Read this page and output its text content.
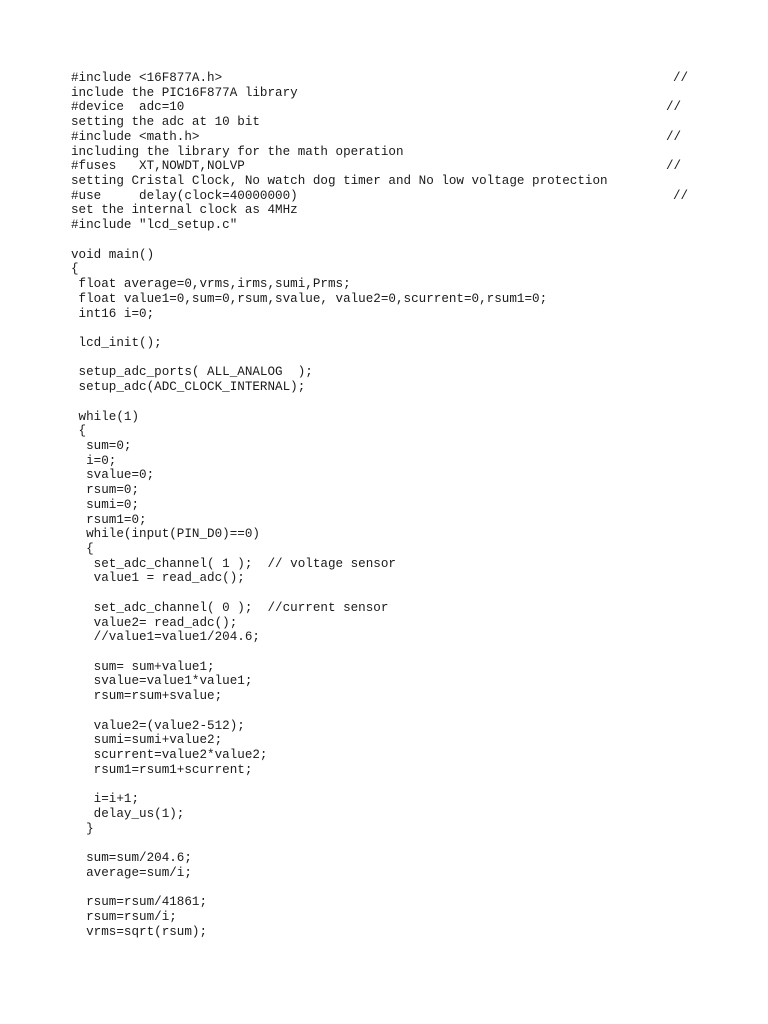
#include <16F877A.h>	//
include the PIC16F877A library
#device  adc=10	//
setting the adc at 10 bit
#include <math.h>	//
including the library for the math operation
#fuses   XT,NOWDT,NOLVP	//
setting Cristal Clock, No watch dog timer and No low voltage protection
#use     delay(clock=40000000)	//
set the internal clock as 4MHz
#include "lcd_setup.c"
void main()
{
float average=0,vrms,irms,sumi,Prms;
float value1=0,sum=0,rsum,svalue, value2=0,scurrent=0,rsum1=0;
int16 i=0;
lcd_init();
setup_adc_ports( ALL_ANALOG  );
setup_adc(ADC_CLOCK_INTERNAL);
while(1)
{
sum=0;
i=0;
svalue=0;
rsum=0;
sumi=0;
rsum1=0;
while(input(PIN_D0)==0)
{
set_adc_channel( 1 );  // voltage sensor
value1 = read_adc();
set_adc_channel( 0 );  //current sensor
value2= read_adc();
//value1=value1/204.6;
sum= sum+value1;
svalue=value1*value1;
rsum=rsum+svalue;
value2=(value2-512);
sumi=sumi+value2;
scurrent=value2*value2;
rsum1=rsum1+scurrent;
i=i+1;
delay_us(1);
}
sum=sum/204.6;
average=sum/i;
rsum=rsum/41861;
rsum=rsum/i;
vrms=sqrt(rsum);
